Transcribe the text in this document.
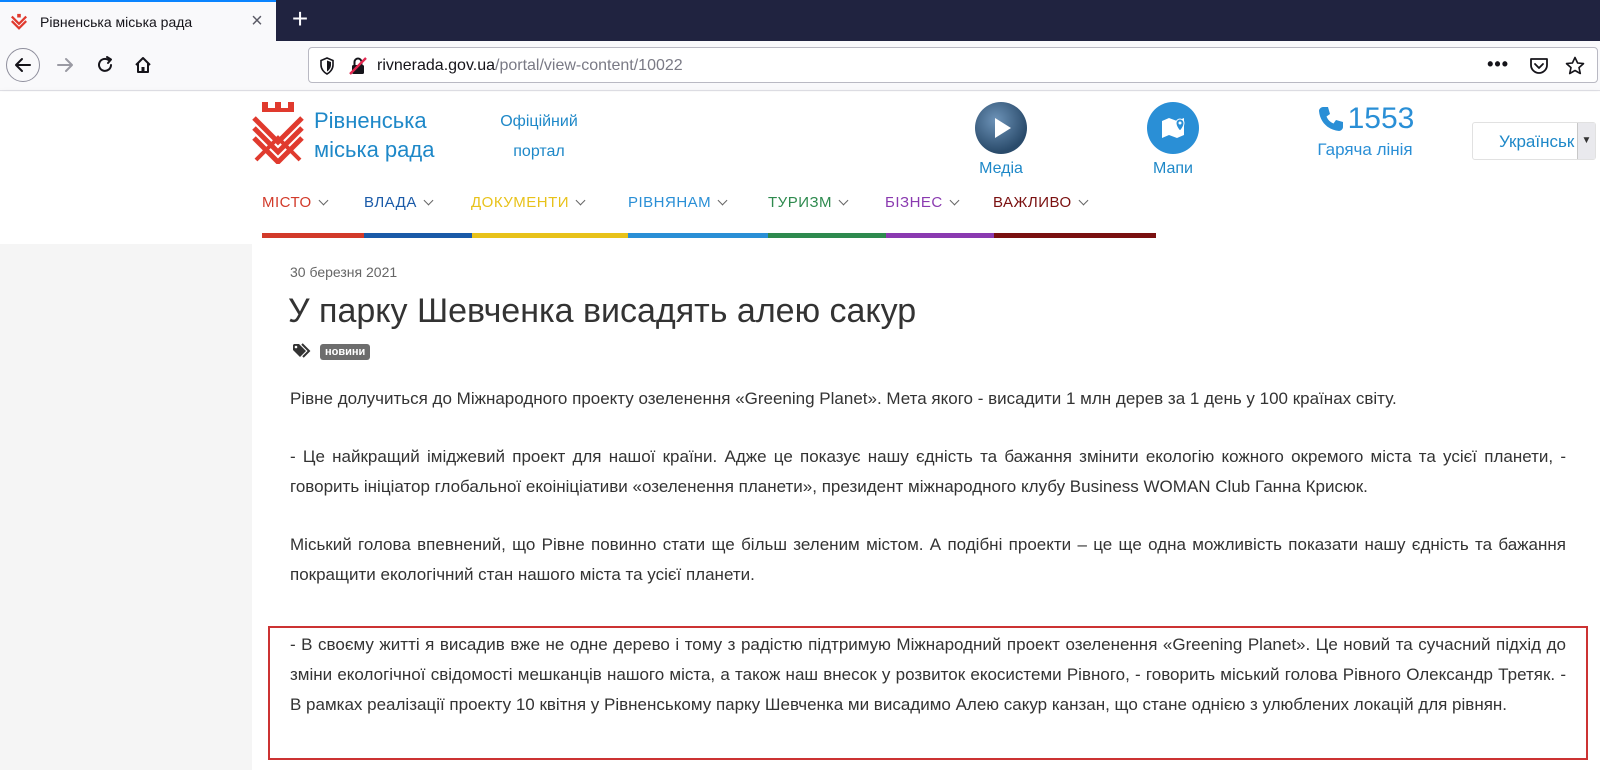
Рівненська міська рада	× +
rivnerada.gov.ua/portal/view-content/10022	•••
Рівненська
міська рада
Офіційний
портал
Медіа	Мапи
1553
Гаряча лінія	Українськ ▼
МІСТО	ВЛАДА	ДОКУМЕНТИ	РІВНЯНАМ	ТУРИЗМ	БІЗНЕС	ВАЖЛИВО
30 березня 2021
У парку Шевченка висадять алею сакур
новини

Рівне долучиться до Міжнародного проекту озеленення «Greening Planet». Мета якого - висадити 1 млн дерев за 1 день у 100 країнах світу.

- Це найкращий іміджевий проект для нашої країни. Адже це показує нашу єдність та бажання змінити екологію кожного окремого міста та усієї планети, - говорить ініціатор глобальної екоініціативи «озеленення планети», президент міжнародного клубу Business WOMAN Club Ганна Крисюк.

Міський голова впевнений, що Рівне повинно стати ще більш зеленим містом. А подібні проекти – це ще одна можливість показати нашу єдність та бажання покращити екологічний стан нашого міста та усієї планети.

- В своєму житті я висадив вже не одне дерево і тому з радістю підтримую Міжнародний проект озеленення «Greening Planet». Це новий та сучасний підхід до зміни екологічної свідомості мешканців нашого міста, а також наш внесок у розвиток екосистеми Рівного, - говорить міський голова Рівного Олександр Третяк. - В рамках реалізації проекту 10 квітня у Рівненському парку Шевченка ми висадимо Алею сакур канзан, що стане однією з улюблених локацій для рівнян.
